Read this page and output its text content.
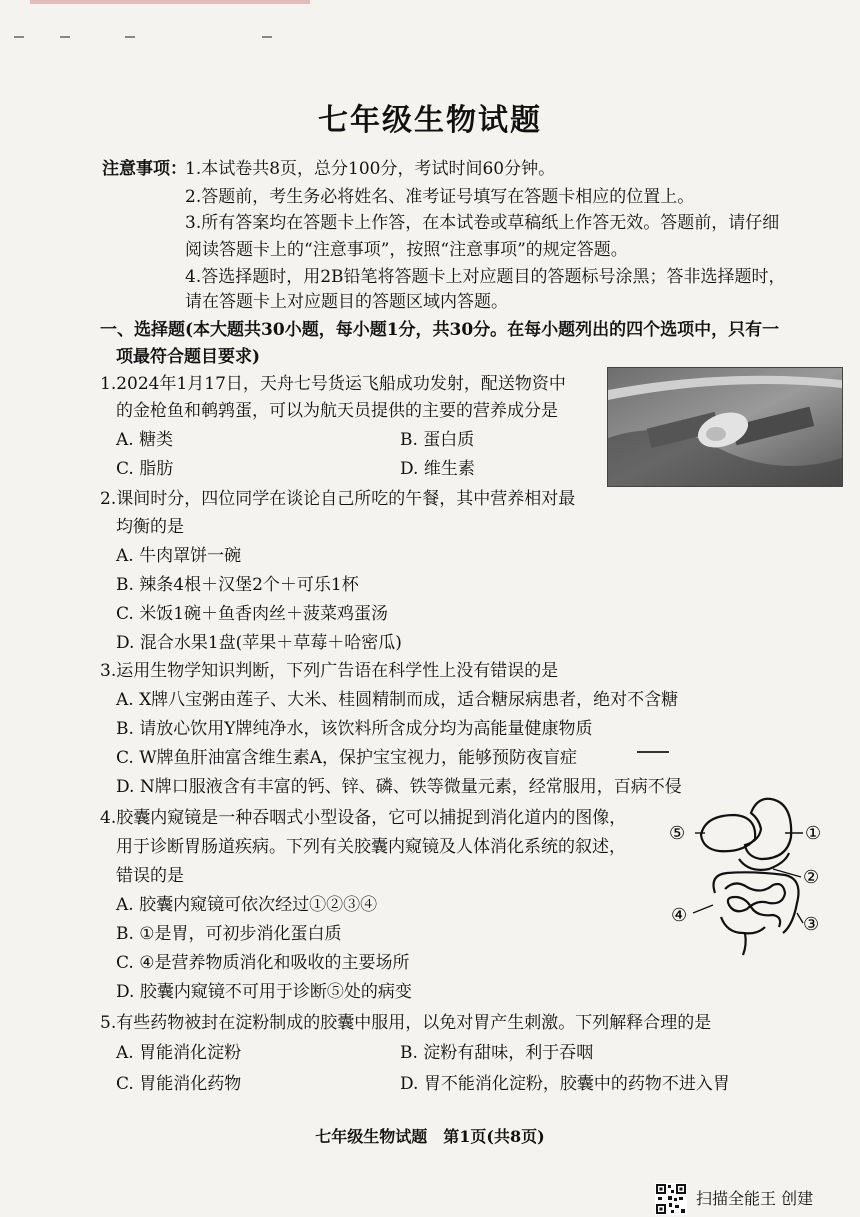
七年级生物试题
注意事项：
1.本试卷共8页，总分100分，考试时间60分钟。
2.答题前，考生务必将姓名、准考证号填写在答题卡相应的位置上。
3.所有答案均在答题卡上作答，在本试卷或草稿纸上作答无效。答题前，请仔细
阅读答题卡上的“注意事项”，按照“注意事项”的规定答题。
4.答选择题时，用2B铅笔将答题卡上对应题目的答题标号涂黑；答非选择题时，
请在答题卡上对应题目的答题区域内答题。
一、选择题(本大题共30小题，每小题1分，共30分。在每小题列出的四个选项中，只有一
项最符合题目要求)
1.2024年1月17日，天舟七号货运飞船成功发射，配送物资中
的金枪鱼和鹌鹑蛋，可以为航天员提供的主要的营养成分是
A. 糖类	B. 蛋白质
C. 脂肪	D. 维生素
2.课间时分，四位同学在谈论自己所吃的午餐，其中营养相对最
均衡的是
A. 牛肉罩饼一碗
B. 辣条4根＋汉堡2个＋可乐1杯
C. 米饭1碗＋鱼香肉丝＋菠菜鸡蛋汤
D. 混合水果1盘(苹果＋草莓＋哈密瓜)
3.运用生物学知识判断，下列广告语在科学性上没有错误的是
A. X牌八宝粥由莲子、大米、桂圆精制而成，适合糖尿病患者，绝对不含糖
B. 请放心饮用Y牌纯净水，该饮料所含成分均为高能量健康物质
C. W牌鱼肝油富含维生素A，保护宝宝视力，能够预防夜盲症
D. N牌口服液含有丰富的钙、锌、磷、铁等微量元素，经常服用，百病不侵
4.胶囊内窥镜是一种吞咽式小型设备，它可以捕捉到消化道内的图像，
用于诊断胃肠道疾病。下列有关胶囊内窥镜及人体消化系统的叙述，
错误的是
A. 胶囊内窥镜可依次经过①②③④
B. ①是胃，可初步消化蛋白质
C. ④是营养物质消化和吸收的主要场所
D. 胶囊内窥镜不可用于诊断⑤处的病变
⑤	①
②
④	③
5.有些药物被封在淀粉制成的胶囊中服用，以免对胃产生刺激。下列解释合理的是
A. 胃能消化淀粉	B. 淀粉有甜味，利于吞咽
C. 胃能消化药物	D. 胃不能消化淀粉，胶囊中的药物不进入胃
七年级生物试题　第1页(共8页)
扫描全能王 创建
